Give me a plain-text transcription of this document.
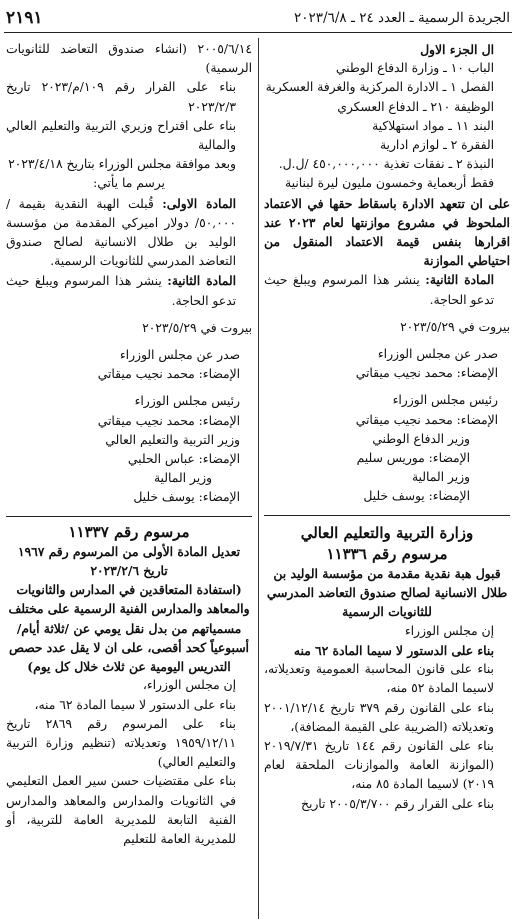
٢١٩١	الجريدة الرسمية ـ العدد ٢٤ ـ ٢٠٢٣/٦/٨

ال الجزء الاول

الباب ١٠ ـ وزارة الدفاع الوطني

الفصل ١ ـ الادارة المركزية والغرفة العسكرية

الوظيفة ٢١٠ ـ الدفاع العسكري

البند ١١ ـ مواد استهلاكية

الفقرة ٢ ـ لوازم ادارية

النبذة ٢ ـ نفقات تغذية ٤٥٠,٠٠٠,٠٠٠ /ل.ل.

فقط أربعماية وخمسون مليون ليرة لبنانية

على ان تتعهد الادارة باسقاط حقها في الاعتماد الملحوظ في مشروع موازنتها لعام ٢٠٢٣ عند اقرارها بنفس قيمة الاعتماد المنقول من احتياطي الموازنة

المادة الثانية: ينشر هذا المرسوم ويبلغ حيث تدعو الحاجة.

بيروت في ٢٠٢٣/٥/٢٩

صدر عن مجلس الوزراء

الإمضاء: محمد نجيب ميقاتي

رئيس مجلس الوزراء

الإمضاء: محمد نجيب ميقاتي

وزير الدفاع الوطني

الإمضاء: موريس سليم

وزير المالية

الإمضاء: يوسف خليل

وزارة التربية والتعليم العالي
مرسوم رقم ١١٣٣٦

قبول هبة نقدية مقدمة من مؤسسة الوليد بن طلال الانسانية لصالح صندوق التعاضد المدرسي للثانويات الرسمية

إن مجلس الوزراء

بناء على الدستور لا سيما المادة ٦٢ منه

بناء على قانون المحاسبة العمومية وتعديلاته، لاسيما المادة ٥٢ منه،

بناء على القانون رقم ٣٧٩ تاريخ ٢٠٠١/١٢/١٤ وتعديلاته (الضريبة على القيمة المضافة)،

بناء على القانون رقم ١٤٤ تاريخ ٢٠١٩/٧/٣١ (الموازنة العامة والموازنات الملحقة لعام ٢٠١٩) لاسيما المادة ٨٥ منه،

بناء على القرار رقم ٢٠٠٥/٣/٧٠٠ تاريخ

٢٠٠٥/٦/١٤ (انشاء صندوق التعاضد للثانويات الرسمية)

بناء على القرار رقم ١٠٩/م/٢٠٢٣ تاريخ ٢٠٢٣/٢/٣

بناء على اقتراح وزيري التربية والتعليم العالي والمالية

وبعد موافقة مجلس الوزراء بتاريخ ٢٠٢٣/٤/١٨

يرسم ما يأتي:

المادة الاولى: قُبلت الهبة النقدية بقيمة /٥٠,٠٠٠/ دولار اميركي المقدمة من مؤسسة الوليد بن طلال الانسانية لصالح صندوق التعاضد المدرسي للثانويات الرسمية.

المادة الثانية: ينشر هذا المرسوم ويبلغ حيث تدعو الحاجة.

بيروت في ٢٠٢٣/٥/٢٩

صدر عن مجلس الوزراء

الإمضاء: محمد نجيب ميقاتي

رئيس مجلس الوزراء

الإمضاء: محمد نجيب ميقاتي

وزير التربية والتعليم العالي

الإمضاء: عباس الحلبي

وزير المالية

الإمضاء: يوسف خليل

مرسوم رقم ١١٣٣٧

تعديل المادة الأولى من المرسوم رقم ١٩٦٧ تاريخ ٢٠٢٣/٢/٦

(استفادة المتعاقدين في المدارس والثانويات والمعاهد والمدارس الفنية الرسمية على مختلف مسمياتهم من بدل نقل يومي عن /ثلاثة أيام/ أسبوعياً كحد أقصى، على ان لا يقل عدد حصص التدريس اليومية عن ثلاث خلال كل يوم)

إن مجلس الوزراء،

بناء على الدستور لا سيما المادة ٦٢ منه،

بناء على المرسوم رقم ٢٨٦٩ تاريخ ١٩٥٩/١٢/١١ وتعديلاته (تنظيم وزارة التربية والتعليم العالي)

بناء على مقتضيات حسن سير العمل التعليمي في الثانويات والمدارس والمعاهد والمدارس الفنية التابعة للمديرية العامة للتربية، أو للمديرية العامة للتعليم
